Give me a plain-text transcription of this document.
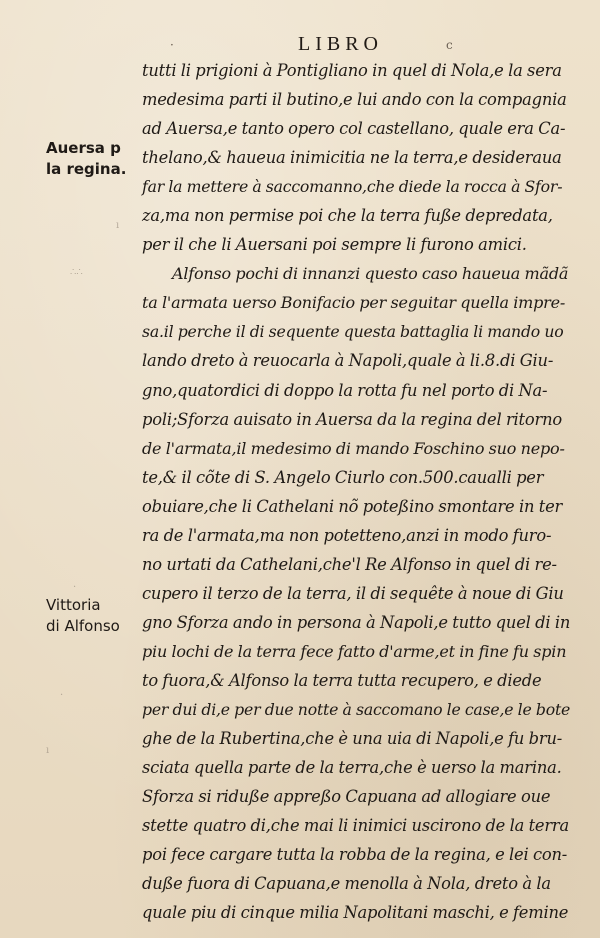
·	LIBRO	c
Auersa p
la regina.
Vittoria
di Alfonso
ı
∴∴
·
·
ı
tutti li prigioni à Pontigliano in quel di Nola,e la sera
medesima parti il butino,e lui ando con la compagnia
ad Auersa,e tanto opero col castellano, quale era Ca-
thelano,& haueua inimicitia ne la terra,e desideraua
far la mettere à saccomanno,che diede la rocca à Sfor-
za,ma non permise poi che la terra fuße depredata,
per il che li Auersani poi sempre li furono amici.
Alfonso pochi di innanzi questo caso haueua mãdã
ta l'armata uerso Bonifacio per seguitar quella impre-
sa.il perche il di sequente questa battaglia li mando uo
lando dreto à reuocarla à Napoli,quale à li.8.di Giu-
gno,quatordici di doppo la rotta fu nel porto di Na-
poli;Sforza auisato in Auersa da la regina del ritorno
de l'armata,il medesimo di mando Foschino suo nepo-
te,& il cõte di S. Angelo Ciurlo con.500.caualli per
obuiare,che li Cathelani nõ poteßino smontare in ter
ra de l'armata,ma non potetteno,anzi in modo furo-
no urtati da Cathelani,che'l Re Alfonso in quel di re-
cupero il terzo de la terra, il di sequête à noue di Giu
gno Sforza ando in persona à Napoli,e tutto quel di in
piu lochi de la terra fece fatto d'arme,et in fine fu spin
to fuora,& Alfonso la terra tutta recupero, e diede
per dui di,e per due notte à saccomano le case,e le bote
ghe de la Rubertina,che è una uia di Napoli,e fu bru-
sciata quella parte de la terra,che è uerso la marina.
Sforza si riduße appreßo Capuana ad allogiare oue
stette quatro di,che mai li inimici uscirono de la terra
poi fece cargare tutta la robba de la regina, e lei con-
duße fuora di Capuana,e menolla à Nola, dreto à la
quale piu di cinque milia Napolitani maschi, e femine
